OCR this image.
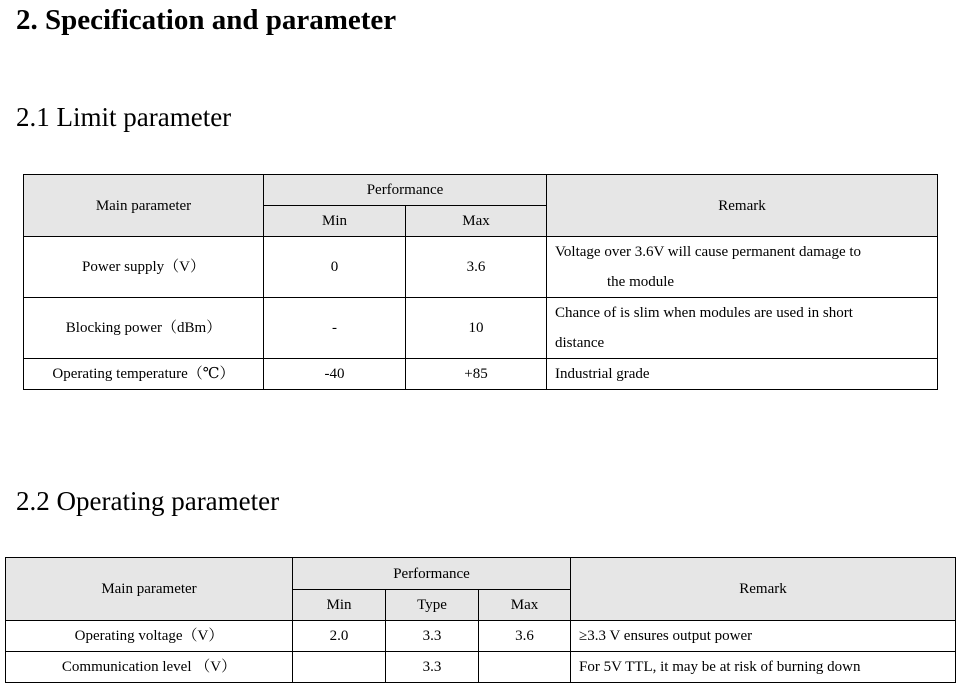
2. Specification and parameter
2.1 Limit parameter
Main parameter	Performance		Remark
	Min	Max	
Power supply（V）	0	3.6	Voltage over 3.6V will cause permanent damage to
the module

Blocking power（dBm）	-	10	Chance of is slim when modules are used in short
distance
Operating temperature（℃）	-40	+85	Industrial grade
2.2 Operating parameter
Main parameter	Performance			Remark
	Min	Type	Max	
Operating voltage（V）	2.0	3.3	3.6	≥3.3 V ensures output power
Communication level （V）		3.3		For 5V TTL, it may be at risk of burning down
